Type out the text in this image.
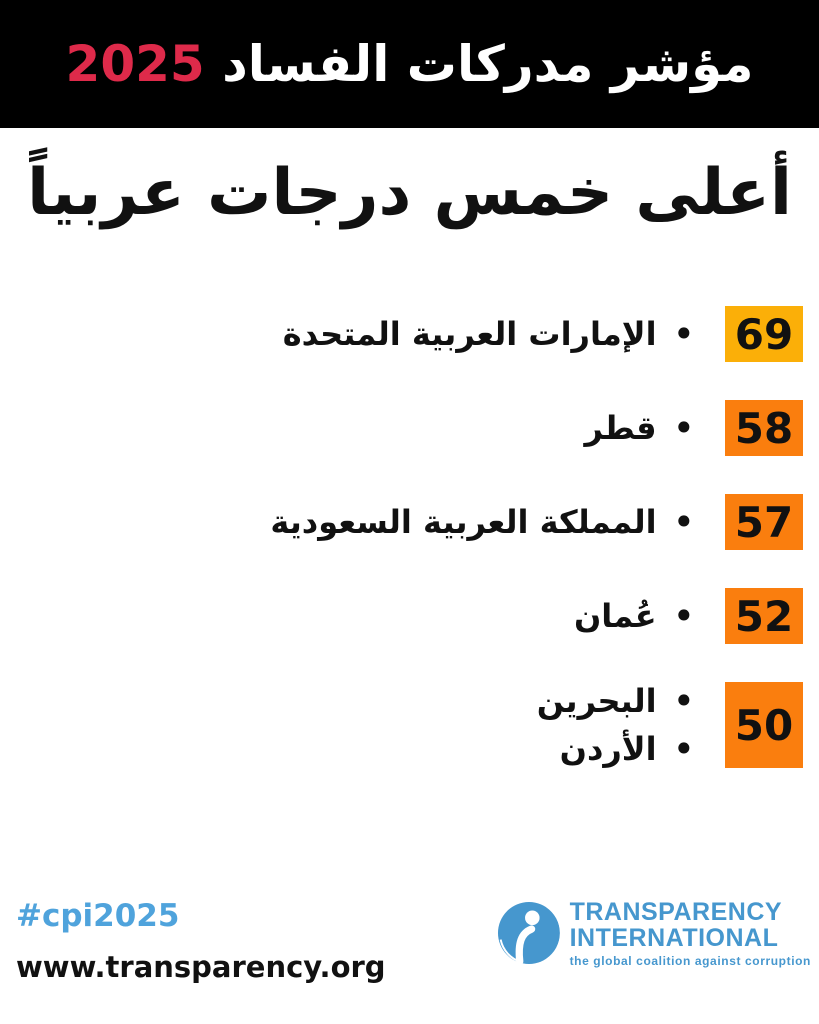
مؤشر مدركات الفساد 2025
أعلى خمس درجات عربياً
69
•
الإمارات العربية المتحدة
58
•
قطر
57
•
المملكة العربية السعودية
52
•
عُمان
50
•
البحرين
•
الأردن
#cpi2025
www.transparency.org
TRANSPARENCY
INTERNATIONAL
the global coalition against corruption
